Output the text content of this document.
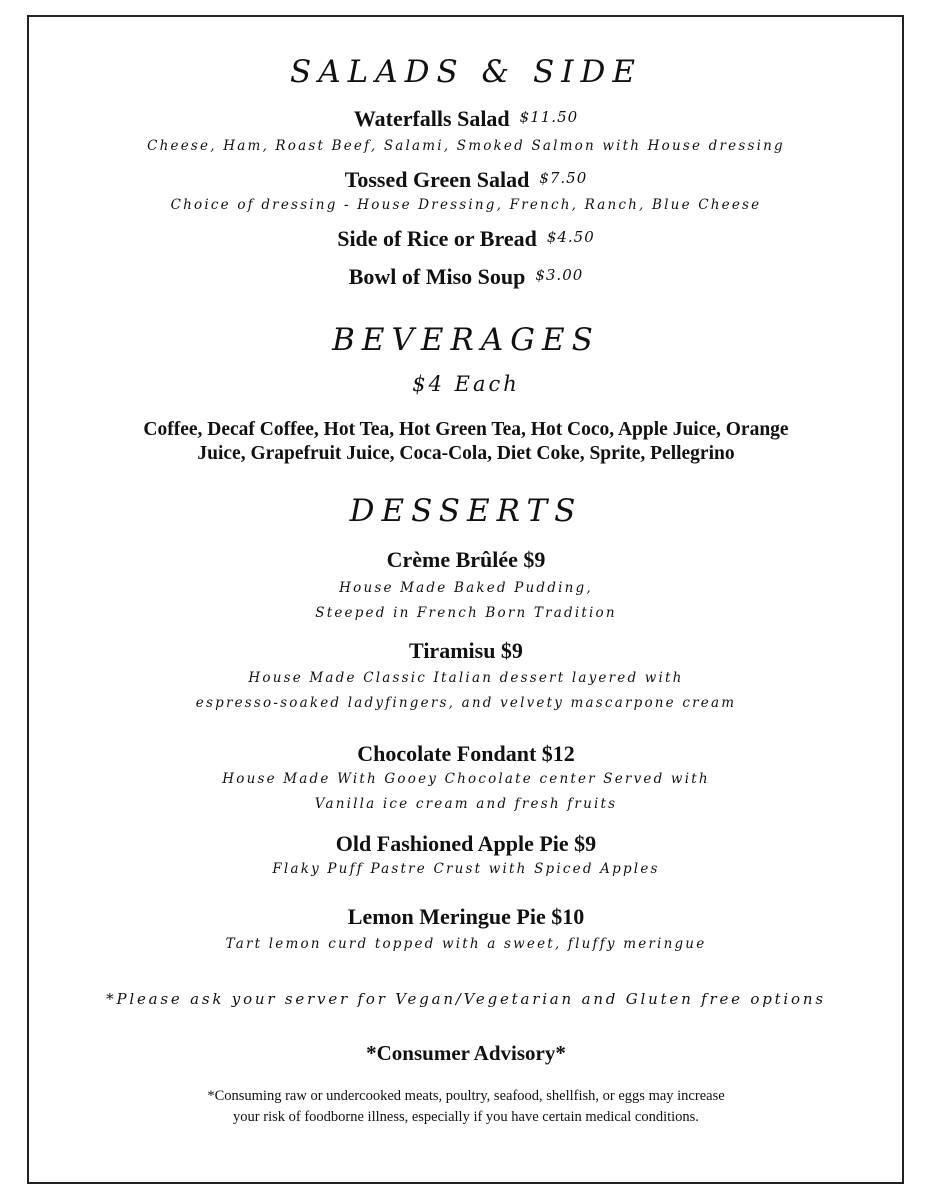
SALADS & SIDE
Waterfalls Salad $11.50
Cheese, Ham, Roast Beef, Salami, Smoked Salmon with House dressing
Tossed Green Salad $7.50
Choice of dressing - House Dressing, French, Ranch, Blue Cheese
Side of Rice or Bread $4.50
Bowl of Miso Soup $3.00
BEVERAGES
$4 Each
Coffee, Decaf Coffee, Hot Tea, Hot Green Tea, Hot Coco, Apple Juice, Orange
Juice, Grapefruit Juice, Coca-Cola, Diet Coke, Sprite, Pellegrino
DESSERTS
Crème Brûlée $9
House Made Baked Pudding,
Steeped in French Born Tradition
Tiramisu $9
House Made Classic Italian dessert layered with
espresso-soaked ladyfingers, and velvety mascarpone cream
Chocolate Fondant $12
House Made With Gooey Chocolate center Served with
Vanilla ice cream and fresh fruits
Old Fashioned Apple Pie $9
Flaky Puff Pastre Crust with Spiced Apples
Lemon Meringue Pie $10
Tart lemon curd topped with a sweet, fluffy meringue
*Please ask your server for Vegan/Vegetarian and Gluten free options
*Consumer Advisory*
*Consuming raw or undercooked meats, poultry, seafood, shellfish, or eggs may increase
your risk of foodborne illness, especially if you have certain medical conditions.
